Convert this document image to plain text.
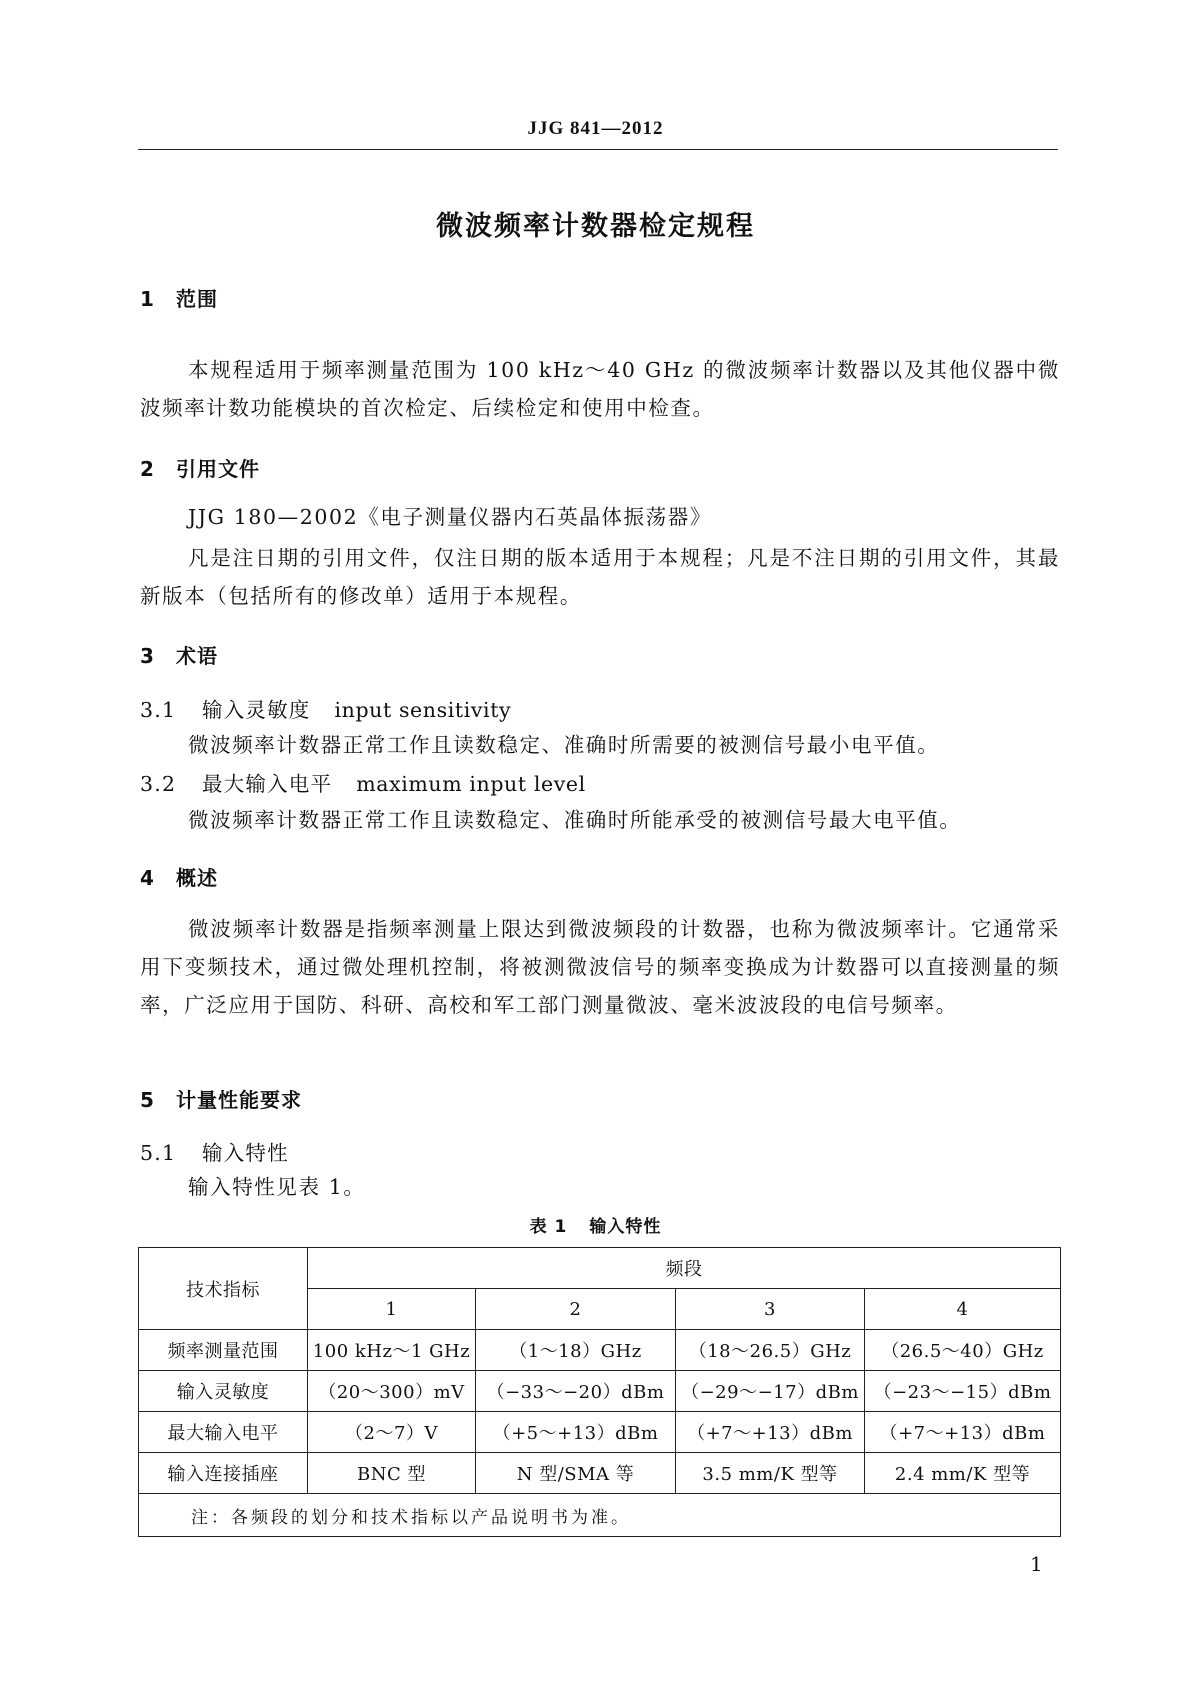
JJG 841—2012
微波频率计数器检定规程
1 范围
本规程适用于频率测量范围为 100 kHz～40 GHz 的微波频率计数器以及其他仪器中微波频率计数功能模块的首次检定、后续检定和使用中检查。
2 引用文件
JJG 180—2002《电子测量仪器内石英晶体振荡器》
凡是注日期的引用文件，仅注日期的版本适用于本规程；凡是不注日期的引用文件，其最新版本（包括所有的修改单）适用于本规程。
3 术语
3.1 输入灵敏度 input sensitivity
微波频率计数器正常工作且读数稳定、准确时所需要的被测信号最小电平值。
3.2 最大输入电平 maximum input level
微波频率计数器正常工作且读数稳定、准确时所能承受的被测信号最大电平值。
4 概述
微波频率计数器是指频率测量上限达到微波频段的计数器，也称为微波频率计。它通常采用下变频技术，通过微处理机控制，将被测微波信号的频率变换成为计数器可以直接测量的频率，广泛应用于国防、科研、高校和军工部门测量微波、毫米波波段的电信号频率。
5 计量性能要求
5.1 输入特性
输入特性见表 1。
表 1 输入特性
技术指标	频段			
	1	2	3	4
频率测量范围	100 kHz～1 GHz	（1～18）GHz	（18～26.5）GHz	（26.5～40）GHz
输入灵敏度	（20～300）mV	（−33～−20）dBm	（−29～−17）dBm	（−23～−15）dBm
最大输入电平	（2～7）V	（+5～+13）dBm	（+7～+13）dBm	（+7～+13）dBm
输入连接插座	BNC 型	N 型/SMA 等	3.5 mm/K 型等	2.4 mm/K 型等
注：各频段的划分和技术指标以产品说明书为准。				
1
